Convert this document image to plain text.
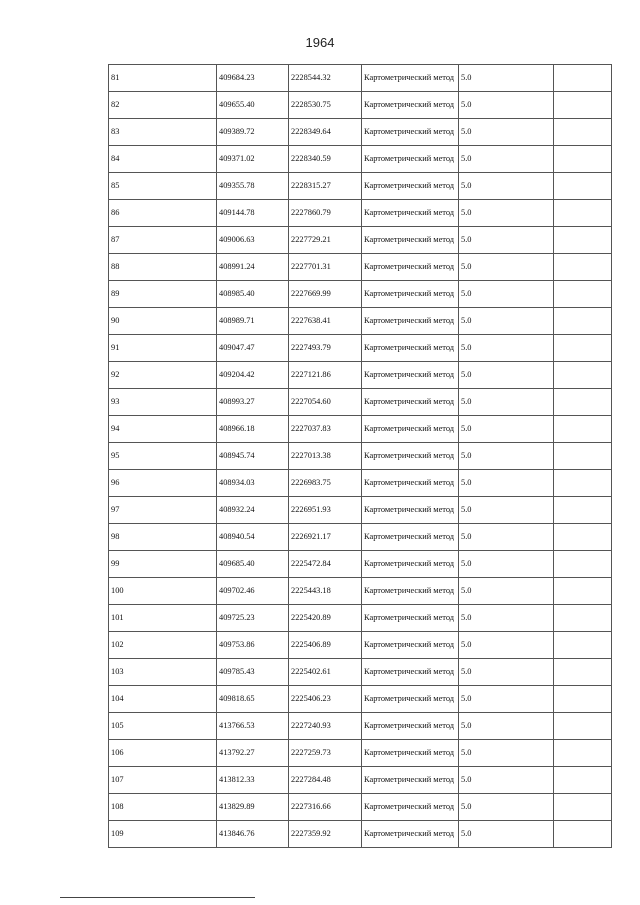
1964
81	409684.23	2228544.32	Картометрический метод	5.0	
82	409655.40	2228530.75	Картометрический метод	5.0	
83	409389.72	2228349.64	Картометрический метод	5.0	
84	409371.02	2228340.59	Картометрический метод	5.0	
85	409355.78	2228315.27	Картометрический метод	5.0	
86	409144.78	2227860.79	Картометрический метод	5.0	
87	409006.63	2227729.21	Картометрический метод	5.0	
88	408991.24	2227701.31	Картометрический метод	5.0	
89	408985.40	2227669.99	Картометрический метод	5.0	
90	408989.71	2227638.41	Картометрический метод	5.0	
91	409047.47	2227493.79	Картометрический метод	5.0	
92	409204.42	2227121.86	Картометрический метод	5.0	
93	408993.27	2227054.60	Картометрический метод	5.0	
94	408966.18	2227037.83	Картометрический метод	5.0	
95	408945.74	2227013.38	Картометрический метод	5.0	
96	408934.03	2226983.75	Картометрический метод	5.0	
97	408932.24	2226951.93	Картометрический метод	5.0	
98	408940.54	2226921.17	Картометрический метод	5.0	
99	409685.40	2225472.84	Картометрический метод	5.0	
100	409702.46	2225443.18	Картометрический метод	5.0	
101	409725.23	2225420.89	Картометрический метод	5.0	
102	409753.86	2225406.89	Картометрический метод	5.0	
103	409785.43	2225402.61	Картометрический метод	5.0	
104	409818.65	2225406.23	Картометрический метод	5.0	
105	413766.53	2227240.93	Картометрический метод	5.0	
106	413792.27	2227259.73	Картометрический метод	5.0	
107	413812.33	2227284.48	Картометрический метод	5.0	
108	413829.89	2227316.66	Картометрический метод	5.0	
109	413846.76	2227359.92	Картометрический метод	5.0	
